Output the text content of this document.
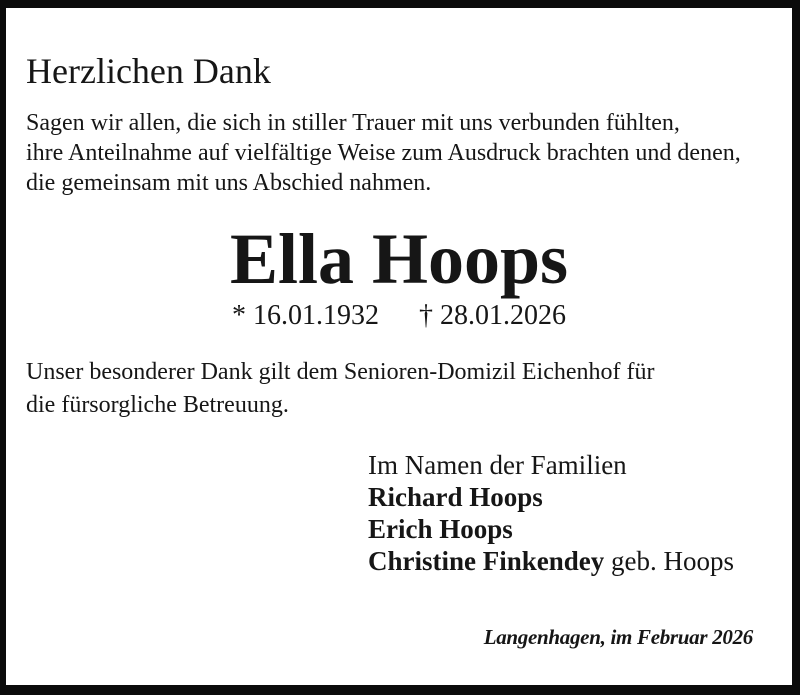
Herzlichen Dank
Sagen wir allen, die sich in stiller Trauer mit uns verbunden fühlten,
ihre Anteilnahme auf vielfältige Weise zum Ausdruck brachten und denen,
die gemeinsam mit uns Abschied nahmen.
Ella Hoops
* 16.01.1932 † 28.01.2026
Unser besonderer Dank gilt dem Senioren-Domizil Eichenhof für
die fürsorgliche Betreuung.
Im Namen der Familien
Richard Hoops
Erich Hoops
Christine Finkendey geb. Hoops
Langenhagen, im Februar 2026
